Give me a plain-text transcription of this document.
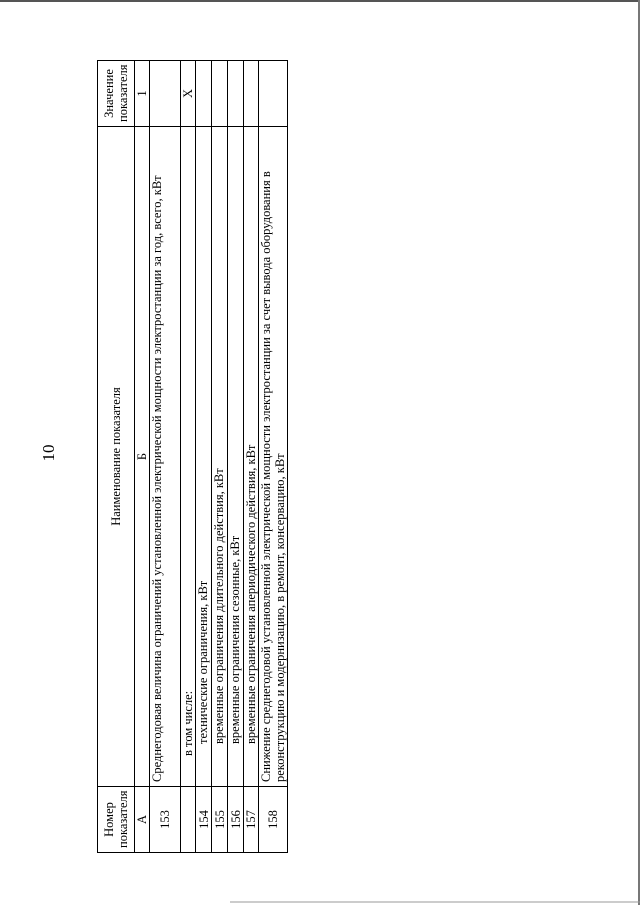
10
Номер показателя	Наименование показателя	Значение показателя
А	Б	1
153	Среднегодовая величина ограничений установленной электрической мощности электростанции за год, всего, кВт	
	в том числе:	Х
154	технические ограничения, кВт	
155	временные ограничения длительного действия, кВт	
156	временные ограничения сезонные, кВт	
157	временные ограничения апериодического действия, кВт	
158	Снижение среднегодовой установленной электрической мощности электростанции за счет вывода оборудования в реконструкцию и модернизацию, в ремонт, консервацию, кВт	
